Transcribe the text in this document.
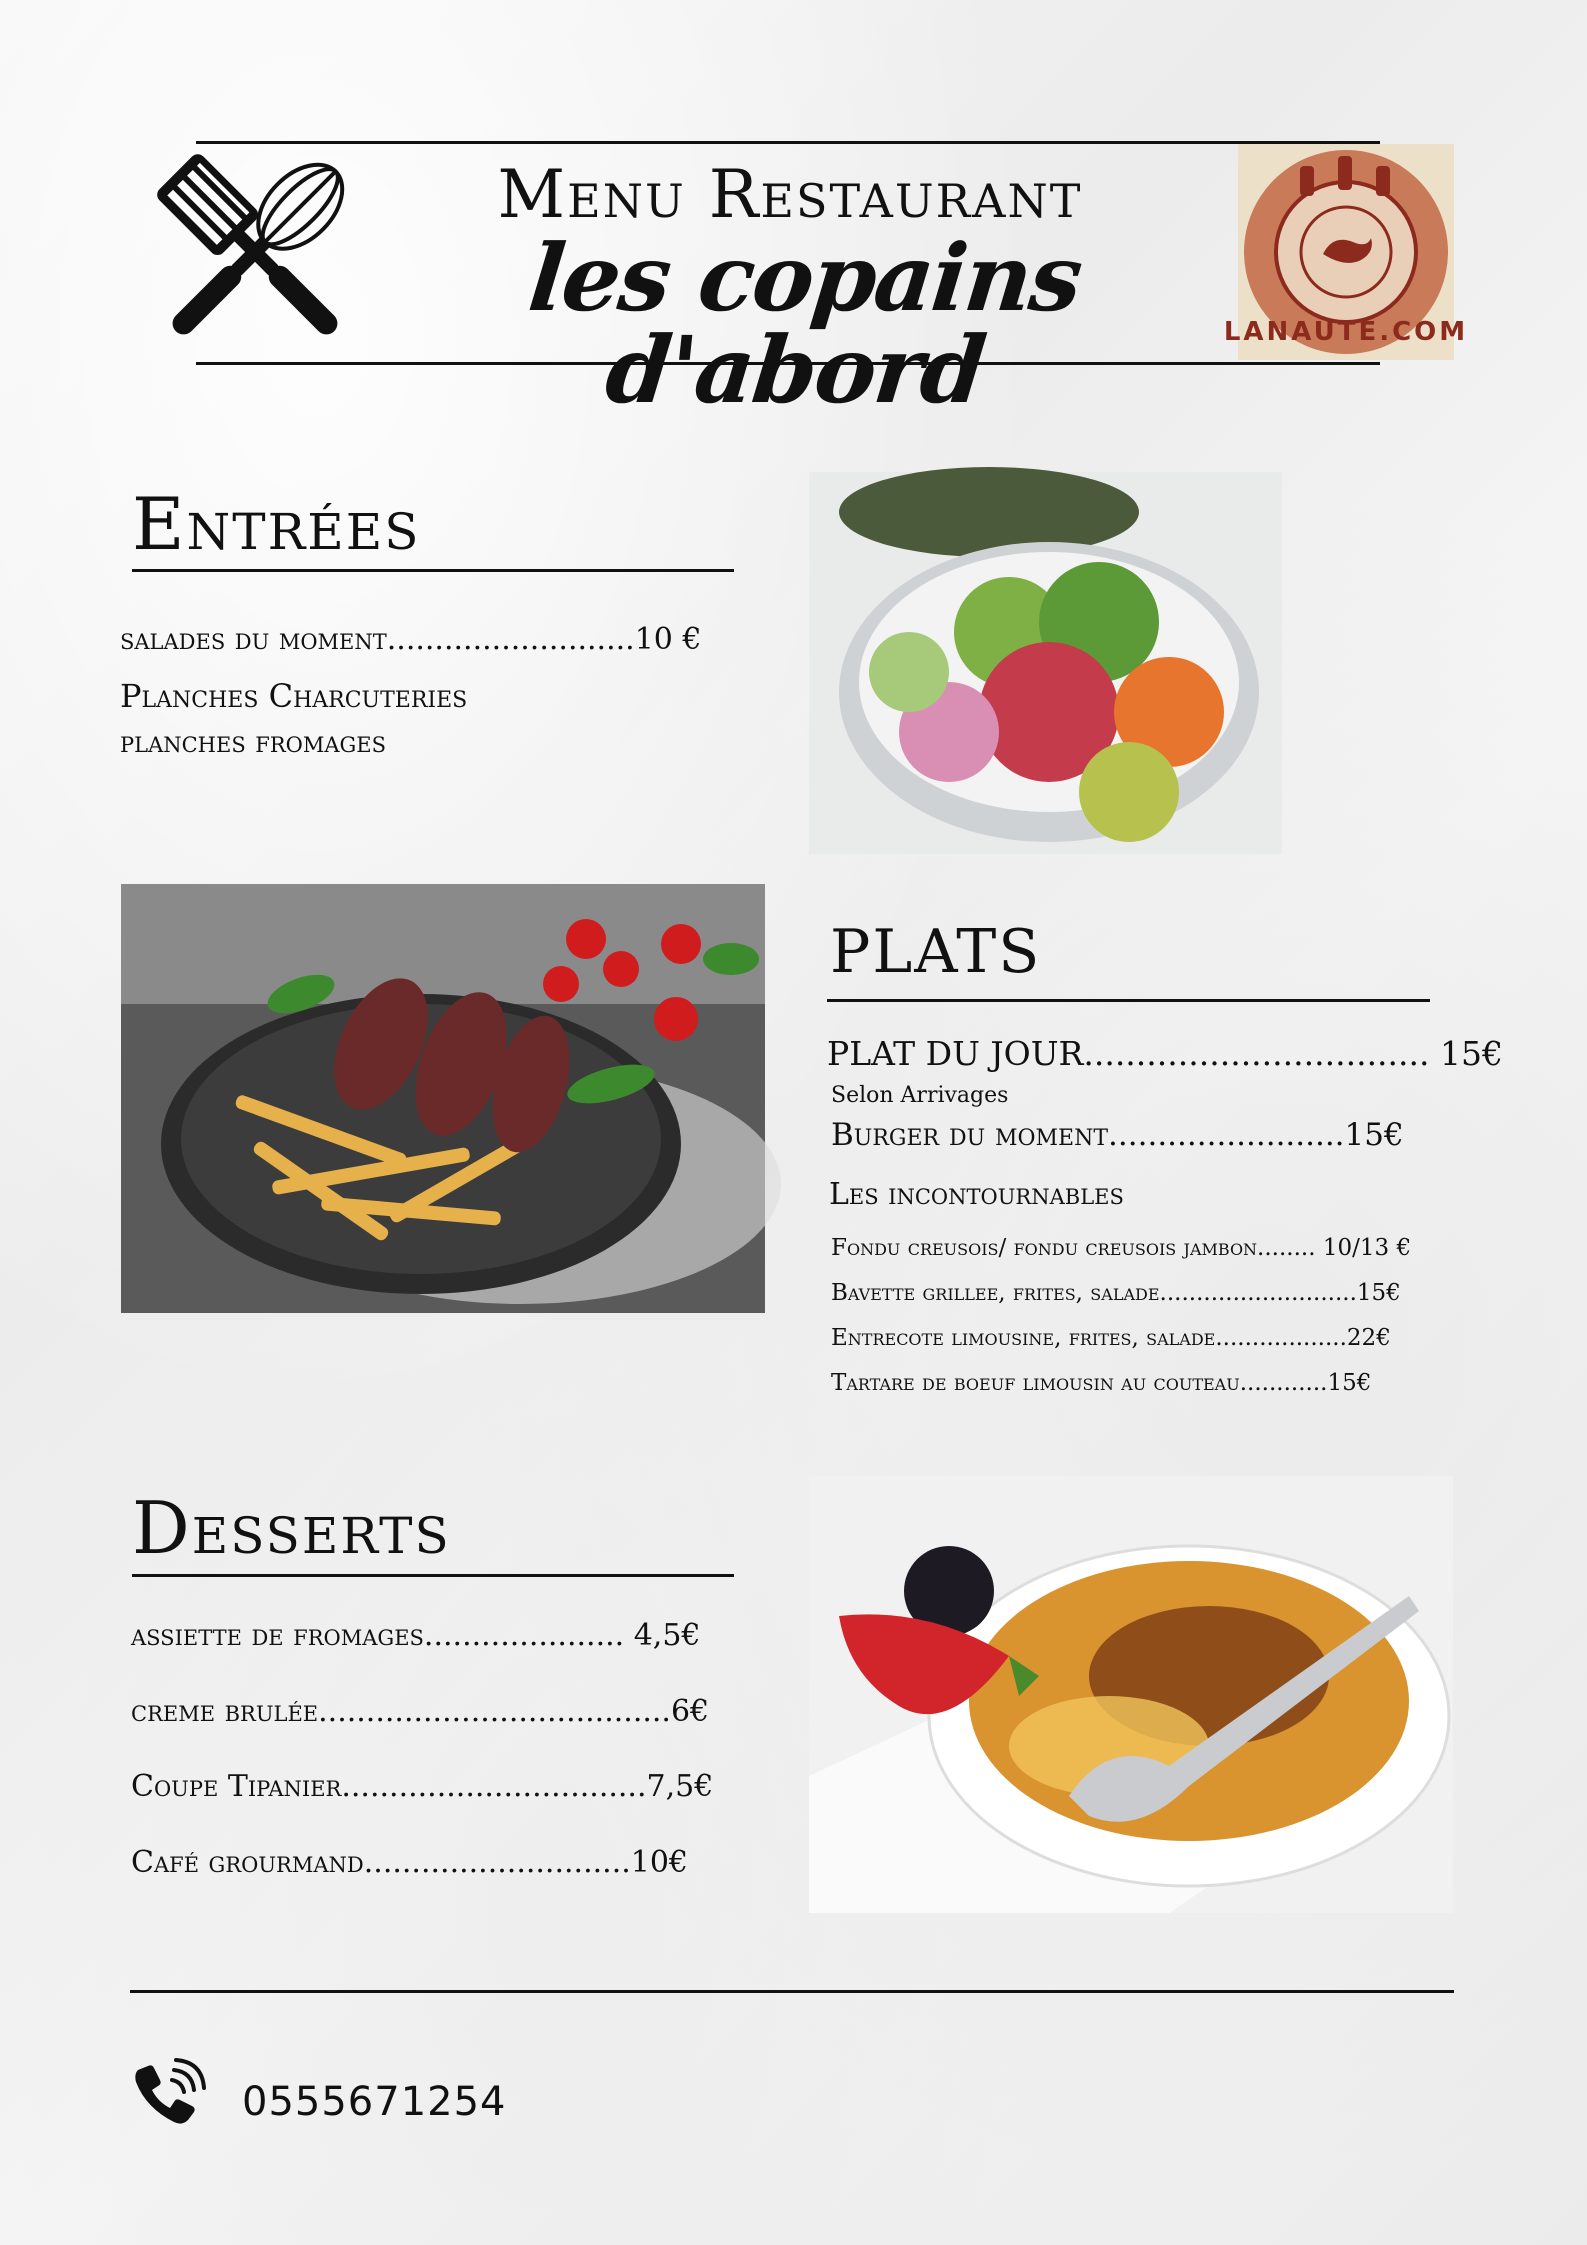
Menu Restaurant
les copains d'abord	LANAUTE.COM
Entrées
salades du moment..........................10 €
Planches Charcuteries
planches fromages
PLATS
PLAT DU JOUR................................. 15€
Selon Arrivages
Burger du moment........................15€
Les incontournables
Fondu creusois/ fondu creusois jambon........ 10/13 €
Bavette grillee, frites, salade...........................15€
Entrecote limousine, frites, salade..................22€
Tartare de boeuf limousin au couteau............15€
Desserts
assiette de fromages..................... 4,5€
creme brulée.....................................6€
Coupe Tipanier................................7,5€
Café grourmand............................10€
0555671254
